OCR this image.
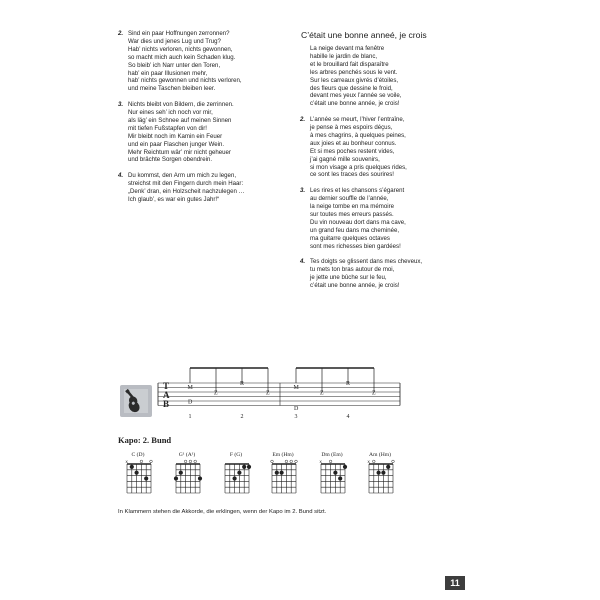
2. Sind ein paar Hoffnungen zerronnen?
War dies und jenes Lug und Trug?
Hab’ nichts verloren, nichts gewonnen,
so macht mich auch kein Schaden klug.
So bleib’ ich Narr unter den Toren,
hab’ ein paar Illusionen mehr,
hab’ nichts gewonnen und nichts verloren,
und meine Taschen bleiben leer.
3. Nichts bleibt von Bildern, die zerrinnen.
Nur eines seh’ ich noch vor mir,
als läg’ ein Schnee auf meinen Sinnen
mit tiefen Fußstapfen von dir!
Mir bleibt noch im Kamin ein Feuer
und ein paar Flaschen junger Wein.
Mehr Reichtum wär’ mir nicht geheuer
und brächte Sorgen obendrein.
4. Du kommst, den Arm um mich zu legen,
streichst mit den Fingern durch mein Haar:
„Denk’ dran, ein Holzscheit nachzulegen …
Ich glaub’, es war ein gutes Jahr!“
C’était une bonne anneé, je crois
La neige devant ma fenêtre
habille le jardin de blanc,
et le brouillard fait disparaître
les arbres penchés sous le vent.
Sur les carreaux givrés d’étoiles,
des fleurs que dessine le froid,
devant mes yeux l’année se voile,
c’était une bonne année, je crois!
2. L’année se meurt, l’hiver l’entraîne,
je pense à mes espoirs déçus,
à mes chagrins, à quelques peines,
aux joies et au bonheur connus.
Et si mes poches restent vides,
j’ai gagné mille souvenirs,
si mon visage a pris quelques rides,
ce sont les traces des sourires!
3. Les rires et les chansons s’égarent
au dernier souffle de l’année,
la neige tombe en ma mémoire
sur toutes mes erreurs passés.
Du vin nouveau dort dans ma cave,
un grand feu dans ma cheminée,
ma guitarre quelques octaves
sont mes richesses bien gardées!
4. Tes doigts se glissent dans mes cheveux,
tu mets ton bras autour de moi,
je jette une bûche sur le feu,
c’était une bonne année, je crois!
T
A
B
M
Z
R
Z
D
M
Z
R
Z
D
1	2	3	4
Kapo: 2. Bund
C (D)
x
G¹ (A¹)	F (G)	Em (Hm)	Dm (Em)
x
Am (Hm)
x
In Klammern stehen die Akkorde, die erklingen, wenn der Kapo im 2. Bund sitzt.
11
